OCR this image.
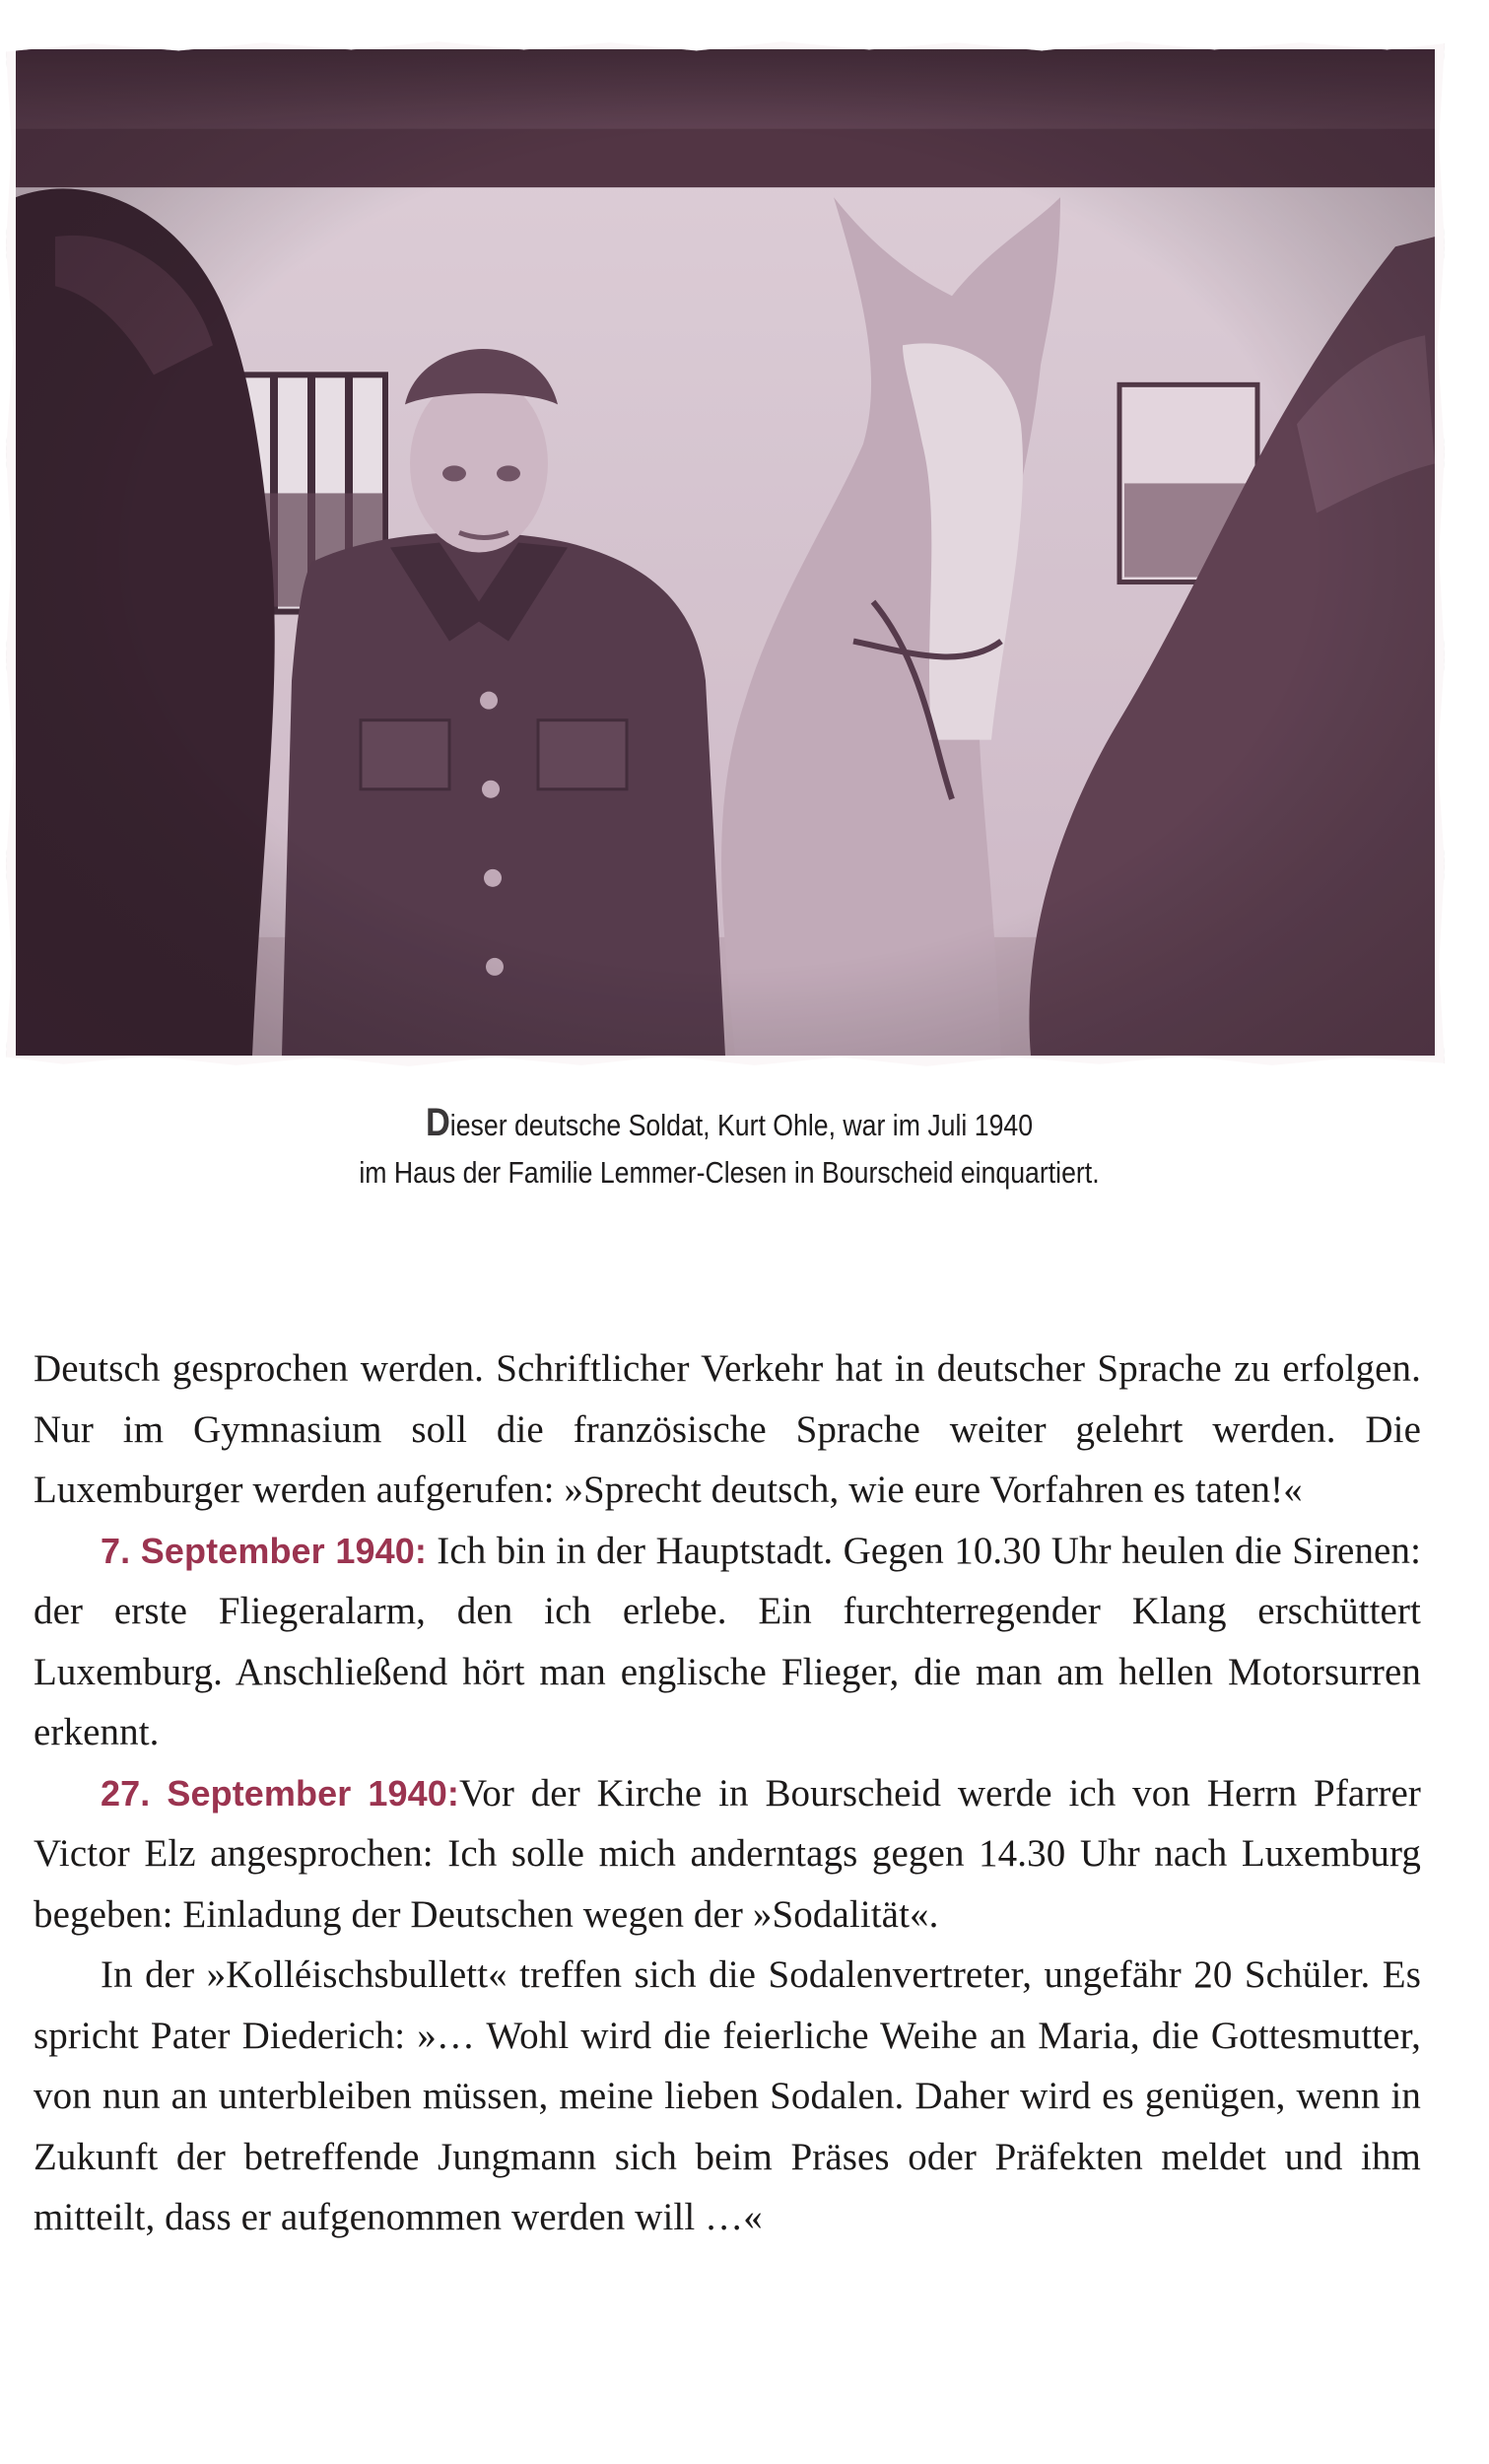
Dieser deutsche Soldat, Kurt Ohle, war im Juli 1940
im Haus der Familie Lemmer-Clesen in Bourscheid einquartiert.

Deutsch gesprochen werden. Schriftlicher Verkehr hat in deutscher Sprache zu erfolgen. Nur im Gymnasium soll die französische Sprache weiter gelehrt werden. Die Luxemburger werden aufgerufen: »Sprecht deutsch, wie eure Vorfahren es taten!«

7. September 1940: Ich bin in der Hauptstadt. Gegen 10.30 Uhr heulen die Sirenen: der erste Fliegeralarm, den ich erlebe. Ein furchterregender Klang erschüttert Luxemburg. Anschließend hört man englische Flieger, die man am hellen Motorsurren erkennt.

27. September 1940:Vor der Kirche in Bourscheid werde ich von Herrn Pfarrer Victor Elz angesprochen: Ich solle mich anderntags gegen 14.30 Uhr nach Luxemburg begeben: Einladung der Deutschen wegen der »Sodalität«.

In der »Kolléischsbullett« treffen sich die Sodalenvertreter, ungefähr 20 Schüler. Es spricht Pater Diederich: »… Wohl wird die feierliche Weihe an Maria, die Gottesmutter, von nun an unterbleiben müssen, meine lieben Sodalen. Daher wird es genügen, wenn in Zukunft der betreffende Jungmann sich beim Präses oder Präfekten meldet und ihm mitteilt, dass er aufgenommen werden will …«
